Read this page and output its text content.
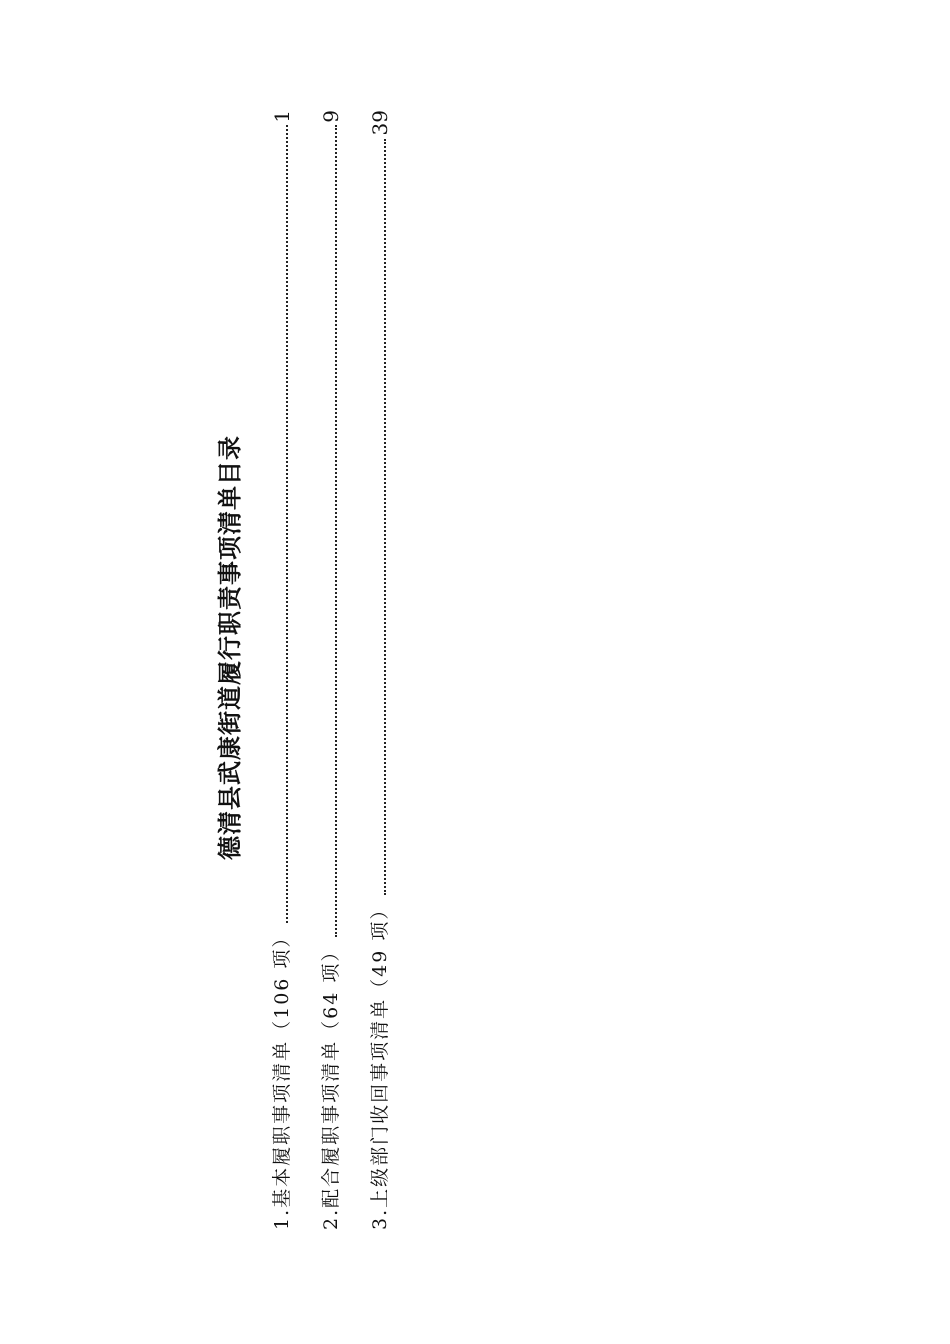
德清县武康街道履行职责事项清单目录
1.基本履职事项清单（106 项）
1
2.配合履职事项清单（64 项）
9
3.上级部门收回事项清单（49 项）
39
